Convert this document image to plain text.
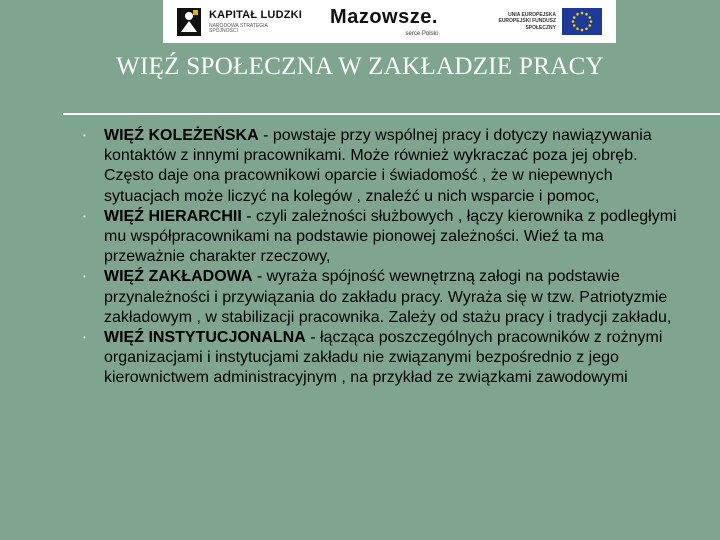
KAPITAŁ LUDZKI
NARODOWA STRATEGIA SPÓJNOŚCI
Mazowsze.
serce Polski
UNIA EUROPEJSKA EUROPEJSKI FUNDUSZ SPOŁECZNY
WIĘŹ SPOŁECZNA W ZAKŁADZIE PRACY
• WIĘŹ KOLEŻEŃSKA - powstaje przy wspólnej pracy i dotyczy nawiązywania kontaktów z innymi pracownikami. Może również wykraczać poza jej obręb. Często daje ona pracownikowi oparcie i świadomość , że w niepewnych sytuacjach może liczyć na kolegów , znaleźć u nich wsparcie i pomoc,
• WIĘŹ HIERARCHII - czyli zależności służbowych , łączy kierownika z podległymi mu współpracownikami na podstawie pionowej zależności. Wieź ta ma przeważnie charakter rzeczowy,
• WIĘŹ ZAKŁADOWA - wyraża spójność wewnętrzną załogi na podstawie przynależności i przywiązania do zakładu pracy. Wyraża się w tzw. Patriotyzmie zakładowym , w stabilizacji pracownika. Zależy od stażu pracy i tradycji zakładu,
• WIĘŹ INSTYTUCJONALNA - łącząca poszczególnych pracowników z rożnymi organizacjami i instytucjami zakładu nie związanymi bezpośrednio z jego kierownictwem administracyjnym , na przykład ze związkami zawodowymi
